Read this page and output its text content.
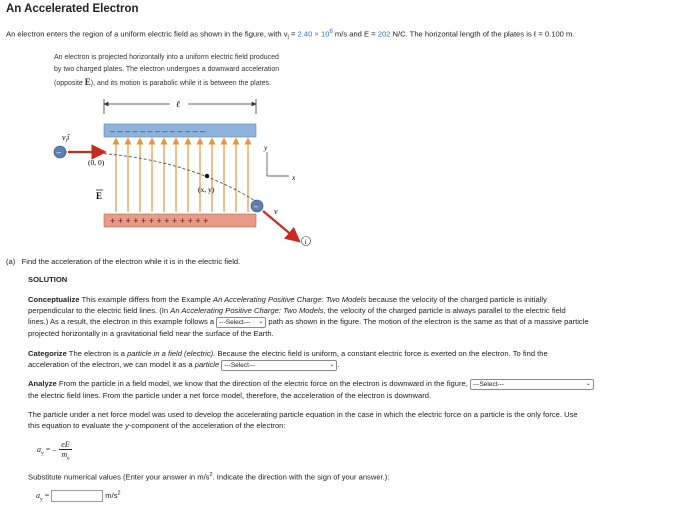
An Accelerated Electron
An electron enters the region of a uniform electric field as shown in the figure, with $v_i = 2.40 \times 10^6$ m/s and E = 202 N/C. The horizontal length of the plates is ℓ = 0.100 m.
An electron is projected horizontally into a uniform electric field produced
by two charged plates. The electron undergoes a downward acceleration
(opposite E), and its motion is parabolic while it is between the plates.
ℓ
– – – – – – – – – – – – –
+ + + + + + + + + + + + +
(x, y)
(0, 0)
–
$v_iî$
E
y
x
–
v
i
(a) Find the acceleration of the electron while it is in the electric field.
SOLUTION
Conceptualize This example differs from the Example An Accelerating Positive Charge: Two Models because the velocity of the charged particle is initially
perpendicular to the electric field lines. (In An Accelerating Positive Charge: Two Models, the velocity of the charged particle is always parallel to the electric field
lines.) As a result, the electron in this example follows a ---Select--- ⌄ path as shown in the figure. The motion of the electron is the same as that of a massive particle
projected horizontally in a gravitational field near the surface of the Earth.
Categorize The electron is a particle in a field (electric). Because the electric field is uniform, a constant electric force is exerted on the electron. To find the
acceleration of the electron, we can model it as a particle ---Select---	⌄ .
Analyze From the particle in a field model, we know that the direction of the electric force on the electron is downward in the figure, ---Select---	⌄
the electric field lines. From the particle under a net force model, therefore, the acceleration of the electron is downward.
The particle under a net force model was used to develop the accelerating particle equation in the case in which the electric force on a particle is the only force. Use
this equation to evaluate the y-component of the acceleration of the electron:
$a_y$ = –	eE
$m_e$
Substitute numerical values (Enter your answer in $m/s^2$. Indicate the direction with the sign of your answer.):
$a_y$ =	$m/s^2$
